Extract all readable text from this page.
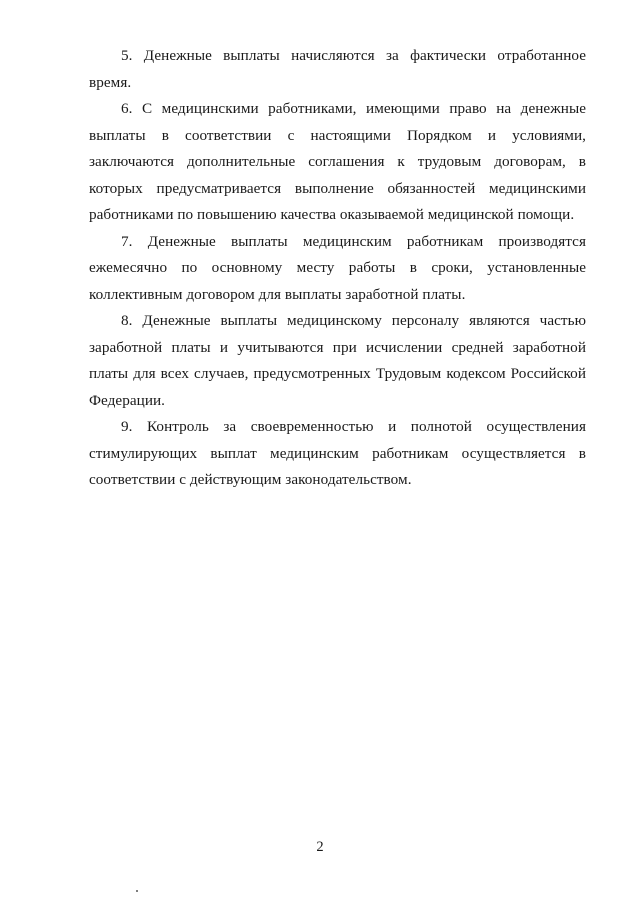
5. Денежные выплаты начисляются за фактически отработанное время.

6. С медицинскими работниками, имеющими право на денежные выплаты в соответствии с настоящими Порядком и условиями, заключаются дополнительные соглашения к трудовым договорам, в которых предусматривается выполнение обязанностей медицинскими работниками по повышению качества оказываемой медицинской помощи.

7. Денежные выплаты медицинским работникам производятся ежемесячно по основному месту работы в сроки, установленные коллективным договором для выплаты заработной платы.

8. Денежные выплаты медицинскому персоналу являются частью заработной платы и учитываются при исчислении средней заработной платы для всех случаев, предусмотренных Трудовым кодексом Российской Федерации.

9. Контроль за своевременностью и полнотой осуществления стимулирующих выплат медицинским работникам осуществляется в соответствии с действующим законодательством.

2
